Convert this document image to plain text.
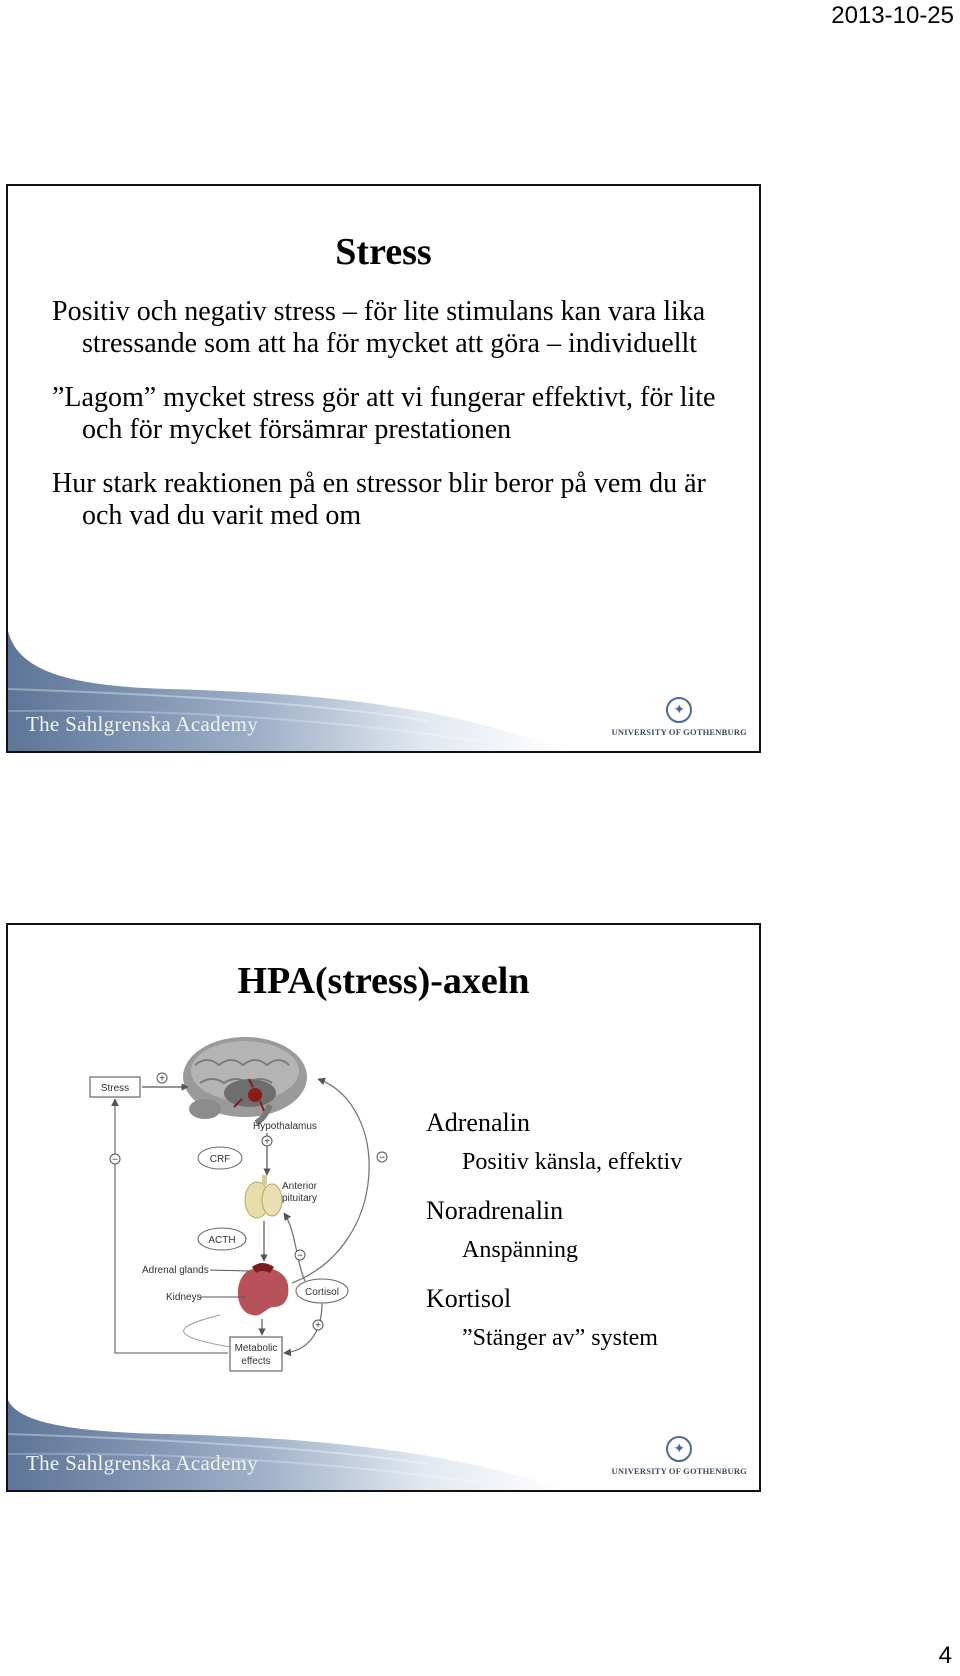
2013-10-25
Stress
Positiv och negativ stress – för lite stimulans kan vara lika stressande som att ha för mycket att göra – individuellt
”Lagom” mycket stress gör att vi fungerar effektivt, för lite och för mycket försämrar prestationen
Hur stark reaktionen på en stressor blir beror på vem du är och vad du varit med om
The Sahlgrenska Academy
✦
UNIVERSITY OF GOTHENBURG
HPA(stress)-axeln
Stress
+
Hypothalamus
+
CRF
Anterior
pituitary
ACTH
Adrenal glands
Kidneys	Cortisol
Metabolic
effects
−
−
+
−
Adrenalin
Positiv känsla, effektiv
Noradrenalin
Anspänning
Kortisol
”Stänger av” system
The Sahlgrenska Academy
✦
UNIVERSITY OF GOTHENBURG
4
